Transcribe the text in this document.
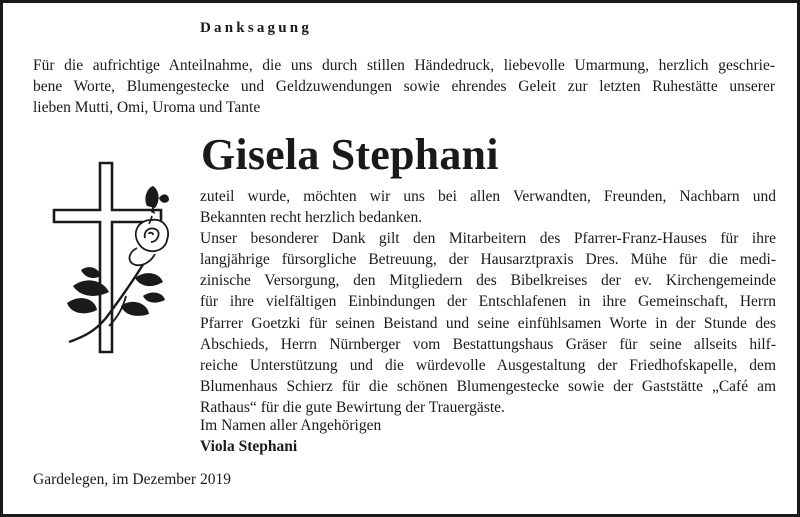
Danksagung
Für die aufrichtige Anteilnahme, die uns durch stillen Händedruck, liebevolle Umarmung, herzlich geschrie-
bene Worte, Blumengestecke und Geldzuwendungen sowie ehrendes Geleit zur letzten Ruhestätte unserer
lieben Mutti, Omi, Uroma und Tante
Gisela Stephani
zuteil wurde, möchten wir uns bei allen Verwandten, Freunden, Nachbarn und
Bekannten recht herzlich bedanken.
Unser besonderer Dank gilt den Mitarbeitern des Pfarrer-Franz-Hauses für ihre
langjährige fürsorgliche Betreuung, der Hausarztpraxis Dres. Mühe für die medi-
zinische Versorgung, den Mitgliedern des Bibelkreises der ev. Kirchengemeinde
für ihre vielfältigen Einbindungen der Entschlafenen in ihre Gemeinschaft, Herrn
Pfarrer Goetzki für seinen Beistand und seine einfühlsamen Worte in der Stunde des
Abschieds, Herrn Nürnberger vom Bestattungshaus Gräser für seine allseits hilf-
reiche Unterstützung und die würdevolle Ausgestaltung der Friedhofskapelle, dem
Blumenhaus Schierz für die schönen Blumengestecke sowie der Gaststätte „Café am
Rathaus“ für die gute Bewirtung der Trauergäste.
Im Namen aller Angehörigen
Viola Stephani
Gardelegen, im Dezember 2019
